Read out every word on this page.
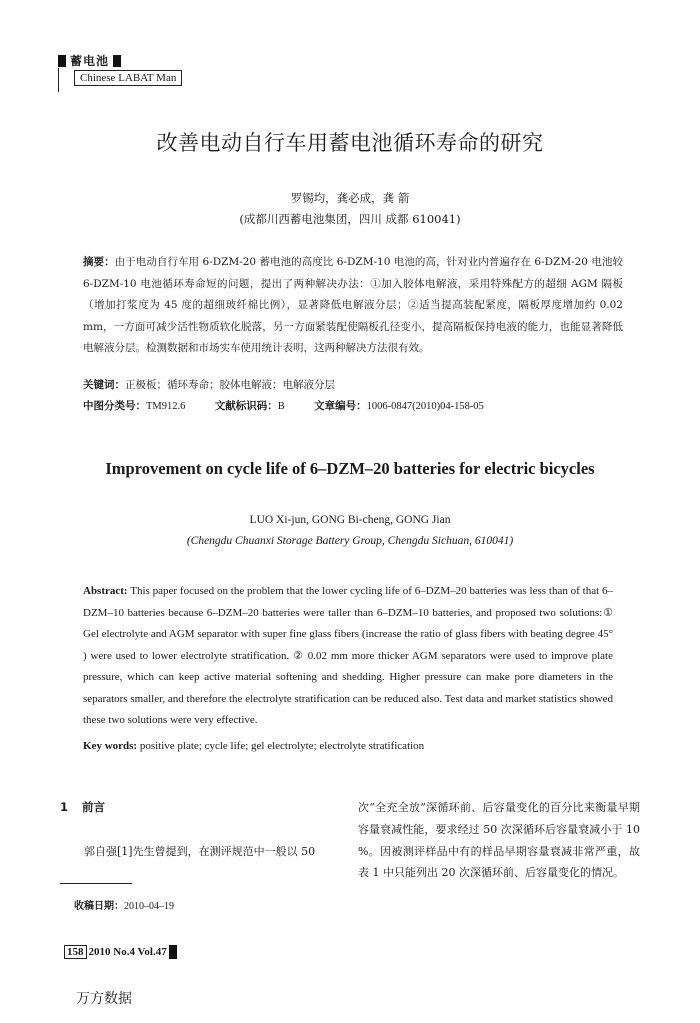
蓄电池
Chinese LABAT Man
改善电动自行车用蓄电池循环寿命的研究
罗锡均，龚必成，龚 箭
(成都川西蓄电池集团，四川 成都 610041)
摘要：由于电动自行车用 6-DZM-20 蓄电池的高度比 6-DZM-10 电池的高，针对业内普遍存在 6-DZM-20 电池较 6-DZM-10 电池循环寿命短的问题，提出了两种解决办法：①加入胶体电解液，采用特殊配方的超细 AGM 隔板（增加打浆度为 45 度的超细玻纤棉比例），显著降低电解液分层；②适当提高装配紧度，隔板厚度增加约 0.02 mm，一方面可减少活性物质软化脱落，另一方面紧装配使隔板孔径变小，提高隔板保持电液的能力，也能显著降低电解液分层。检测数据和市场实车使用统计表明，这两种解决方法很有效。
关键词：正极板；循环寿命；胶体电解液；电解液分层
中图分类号：TM912.6	文献标识码：B	文章编号：1006-0847(2010)04-158-05
Improvement on cycle life of 6–DZM–20 batteries for electric bicycles
LUO Xi-jun, GONG Bi-cheng, GONG Jian
(Chengdu Chuanxi Storage Battery Group, Chengdu Sichuan, 610041)
Abstract: This paper focused on the problem that the lower cycling life of 6–DZM–20 batteries was less than of that 6–DZM–10 batteries because 6–DZM–20 batteries were taller than 6–DZM–10 batteries, and proposed two solutions:① Gel electrolyte and AGM separator with super fine glass fibers (increase the ratio of glass fibers with beating degree 45° ) were used to lower electrolyte stratification. ② 0.02 mm more thicker AGM separators were used to improve plate pressure, which can keep active material softening and shedding. Higher pressure can make pore diameters in the separators smaller, and therefore the electrolyte stratification can be reduced also. Test data and market statistics showed these two solutions were very effective.
Key words: positive plate; cycle life; gel electrolyte; electrolyte stratification
1 前言
郭自强[1]先生曾提到，在测评规范中一般以 50
收稿日期：2010–04–19
次“全充全放”深循环前、后容量变化的百分比来衡量早期容量衰减性能，要求经过 50 次深循环后容量衰减小于 10 %。因被测评样品中有的样品早期容量衰减非常严重，故表 1 中只能列出 20 次深循环前、后容量变化的情况。
158 2010 No.4 Vol.47
万方数据
